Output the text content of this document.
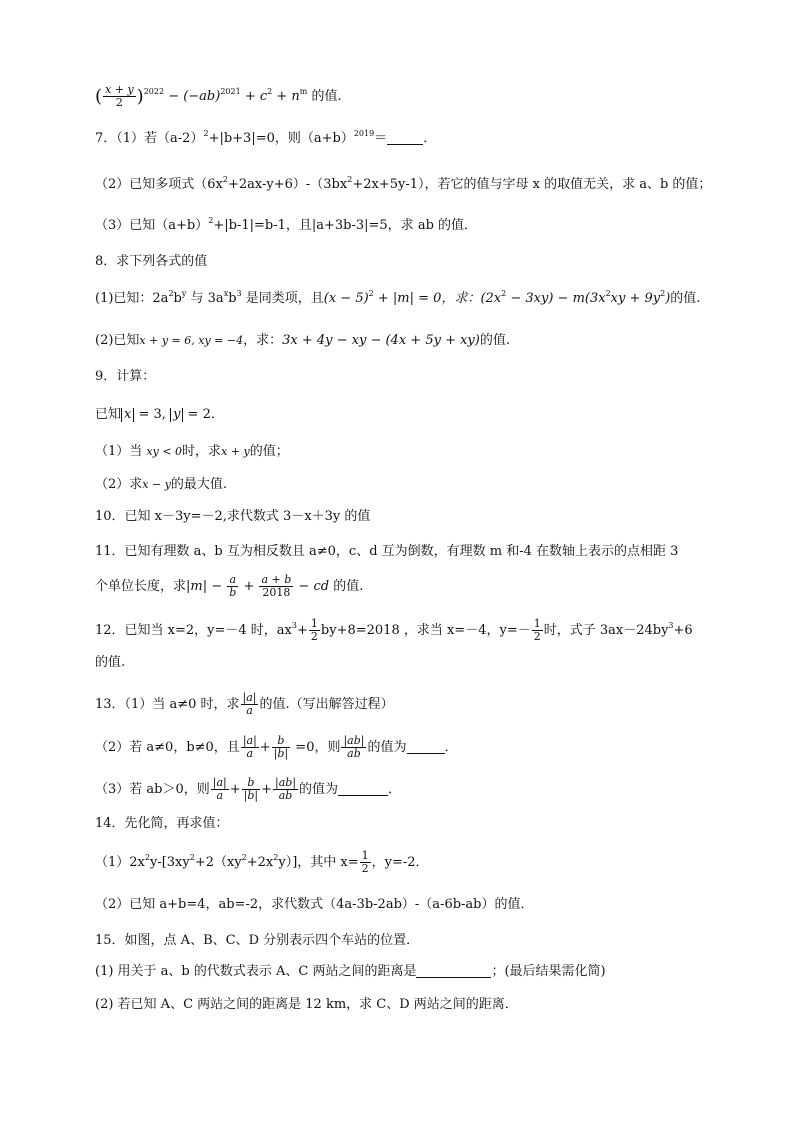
( $\frac{x + y}{2} )^{2022} - (-ab)^{2021} + c^2 + n^m$ 的值.
7．（1）若$(a-2)^2+|b+3|=0$，则$(a+b)^{2019}=$	．
（2）已知多项式$(6x^2+2ax-y+6)-(3bx^2+2x+5y-1)$，若它的值与字母 x 的取值无关，求 a、b 的值；
（3）已知$(a+b)^2+|b-1|=b-1$，且|a+3b-3|=5，求 ab 的值．
8．求下列各式的值
(1)已知：$2a^2b^y$ 与 $3a^xb^3$ 是同类项，且$(x - 5)^2 + |m| = 0$，求：$(2x^2 - 3xy) - m(3x^2xy + 9y^2)$的值.
(2)已知x + y = 6, xy = −4，求：3x + 4y − xy − (4x + 5y + xy)的值.
9．计算：
已知 x = 3, y = 2．
（1）当 xy < 0时，求x + y的值；
（2）求x − y的最大值.
10．已知 x－3y=－2,求代数式 3－x＋3y 的值
11．已知有理数 a、b 互为相反数且 a≠0，c、d 互为倒数，有理数 m 和-4 在数轴上表示的点相距 3
个单位长度，求$|m| - \frac{a}{b} + \frac{a + b}{2018}$ − cd 的值.
12．已知当 x=2，y=－4 时，$ax^3+ \frac{1}{2} by+8=2018$ ，求当 x=－4，$y=- \frac{1}{2}$ 时，式子 $3ax-24by^3+6$
的值.
13．（1）当 a≠0 时，求 $\frac{|a|}{a}$ 的值.（写出解答过程）
（2）若 a≠0，b≠0，且 $\frac{|a|}{a} + \frac{b}{|b|} =0$，则 $\frac{|ab|}{ab}$ 的值为	．
（3）若 ab＞0，则 $\frac{|a|}{a} + \frac{b}{|b|} + \frac{|ab|}{ab}$ 的值为	．
14．先化简，再求值：
$(1)2x^2y-[3xy^2+2(xy^2+2x^2y)]$，其中 $x= \frac{1}{2}$ ，y=-2．
（2）已知 a+b=4，ab=-2，求代数式（4a-3b-2ab）-（a-6b-ab）的值．
15．如图，点 A、B、C、D 分别表示四个车站的位置．
(1) 用关于 a、b 的代数式表示 A、C 两站之间的距离是	；(最后结果需化简)
(2) 若已知 A、C 两站之间的距离是 12 km，求 C、D 两站之间的距离．
